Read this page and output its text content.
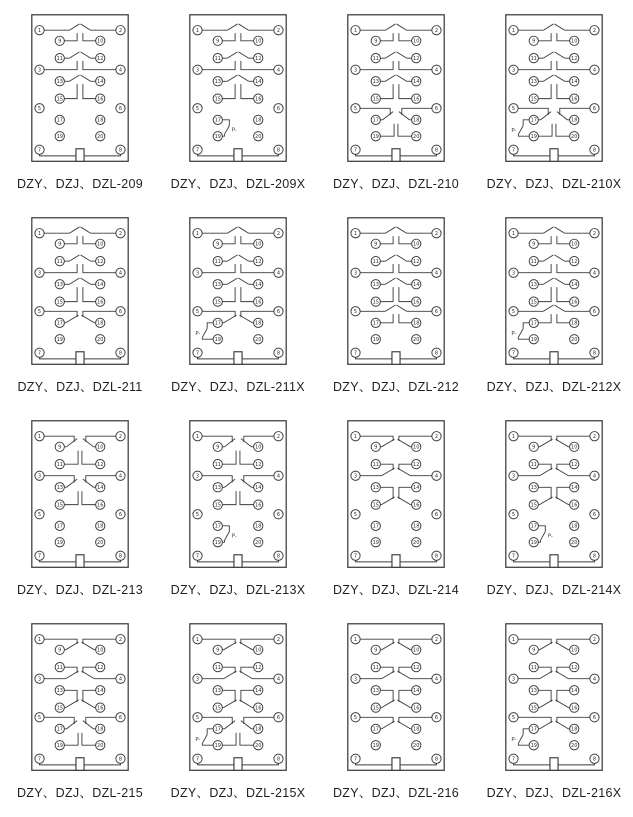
1	2
3	4
5	6
7	8
9	10
11	12
13	14
15	16
17	18
19	20
DZY、DZJ、DZL-209
P-
1	2
3	4
5	6
7	8
9	10
11	12
13	14
15	16
17	18
19	20
DZY、DZJ、DZL-209X
1	2
3	4
5	6
7	8
9	10
11	12
13	14
15	16
17	18
19	20
DZY、DZJ、DZL-210
P-
1	2
3	4
5	6
7	8
9	10
11	12
13	14
15	16
17	18
19	20
DZY、DZJ、DZL-210X
1	2
3	4
5	6
7	8
9	10
11	12
13	14
15	16
17	18
19	20
DZY、DZJ、DZL-211
P-
1	2
3	4
5	6
7	8
9	10
11	12
13	14
15	16
17	18
19	20
DZY、DZJ、DZL-211X
1	2
3	4
5	6
7	8
9	10
11	12
13	14
15	16
17	18
19	20
DZY、DZJ、DZL-212
P-
1	2
3	4
5	6
7	8
9	10
11	12
13	14
15	16
17	18
19	20
DZY、DZJ、DZL-212X
1	2
3	4
5	6
7	8
9	10
11	12
13	14
15	16
17	18
19	20
DZY、DZJ、DZL-213
P-
1	2
3	4
5	6
7	8
9	10
11	12
13	14
15	16
17	18
19	20
DZY、DZJ、DZL-213X
1	2
3	4
5	6
7	8
9	10
11	12
13	14
15	16
17	18
19	20
DZY、DZJ、DZL-214
P-
1	2
3	4
5	6
7	8
9	10
11	12
13	14
15	16
17	18
19	20
DZY、DZJ、DZL-214X
1	2
3	4
5	6
7	8
9	10
11	12
13	14
15	16
17	18
19	20
DZY、DZJ、DZL-215
P-
1	2
3	4
5	6
7	8
9	10
11	12
13	14
15	16
17	18
19	20
DZY、DZJ、DZL-215X
1	2
3	4
5	6
7	8
9	10
11	12
13	14
15	16
17	18
19	20
DZY、DZJ、DZL-216
P-
1	2
3	4
5	6
7	8
9	10
11	12
13	14
15	16
17	18
19	20
DZY、DZJ、DZL-216X
